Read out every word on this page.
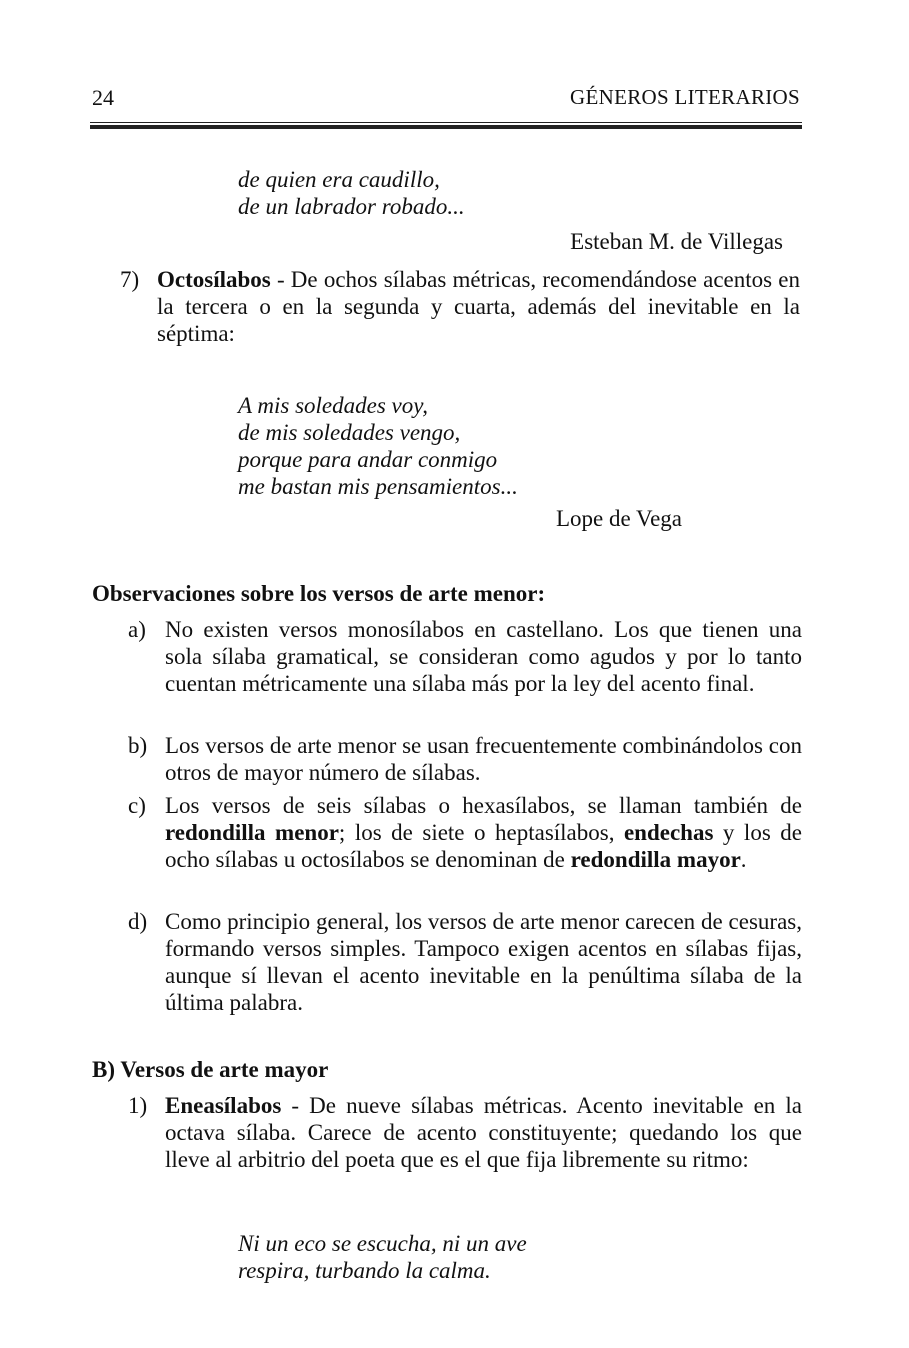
24	GÉNEROS LITERARIOS
de quien era caudillo,
de un labrador robado...
Esteban M. de Villegas
7) Octosílabos - De ochos sílabas métricas, recomendándose acentos en la tercera o en la segunda y cuarta, además del inevitable en la séptima:
A mis soledades voy,
de mis soledades vengo,
porque para andar conmigo
me bastan mis pensamientos...
Lope de Vega
Observaciones sobre los versos de arte menor:
a) No existen versos monosílabos en castellano. Los que tienen una sola sílaba gramatical, se consideran como agudos y por lo tanto cuentan métricamente una sílaba más por la ley del acento final.
b) Los versos de arte menor se usan frecuentemente combinándolos con otros de mayor número de sílabas.
c) Los versos de seis sílabas o hexasílabos, se llaman también de redondilla menor; los de siete o heptasílabos, endechas y los de ocho sílabas u octosílabos se denominan de redondilla mayor.
d) Como principio general, los versos de arte menor carecen de cesuras, formando versos simples. Tampoco exigen acentos en sílabas fijas, aunque sí llevan el acento inevitable en la penúltima sílaba de la última palabra.
B) Versos de arte mayor
1) Eneasílabos - De nueve sílabas métricas. Acento inevitable en la octava sílaba. Carece de acento constituyente; quedando los que lleve al arbitrio del poeta que es el que fija libremente su ritmo:
Ni un eco se escucha, ni un ave
respira, turbando la calma.
